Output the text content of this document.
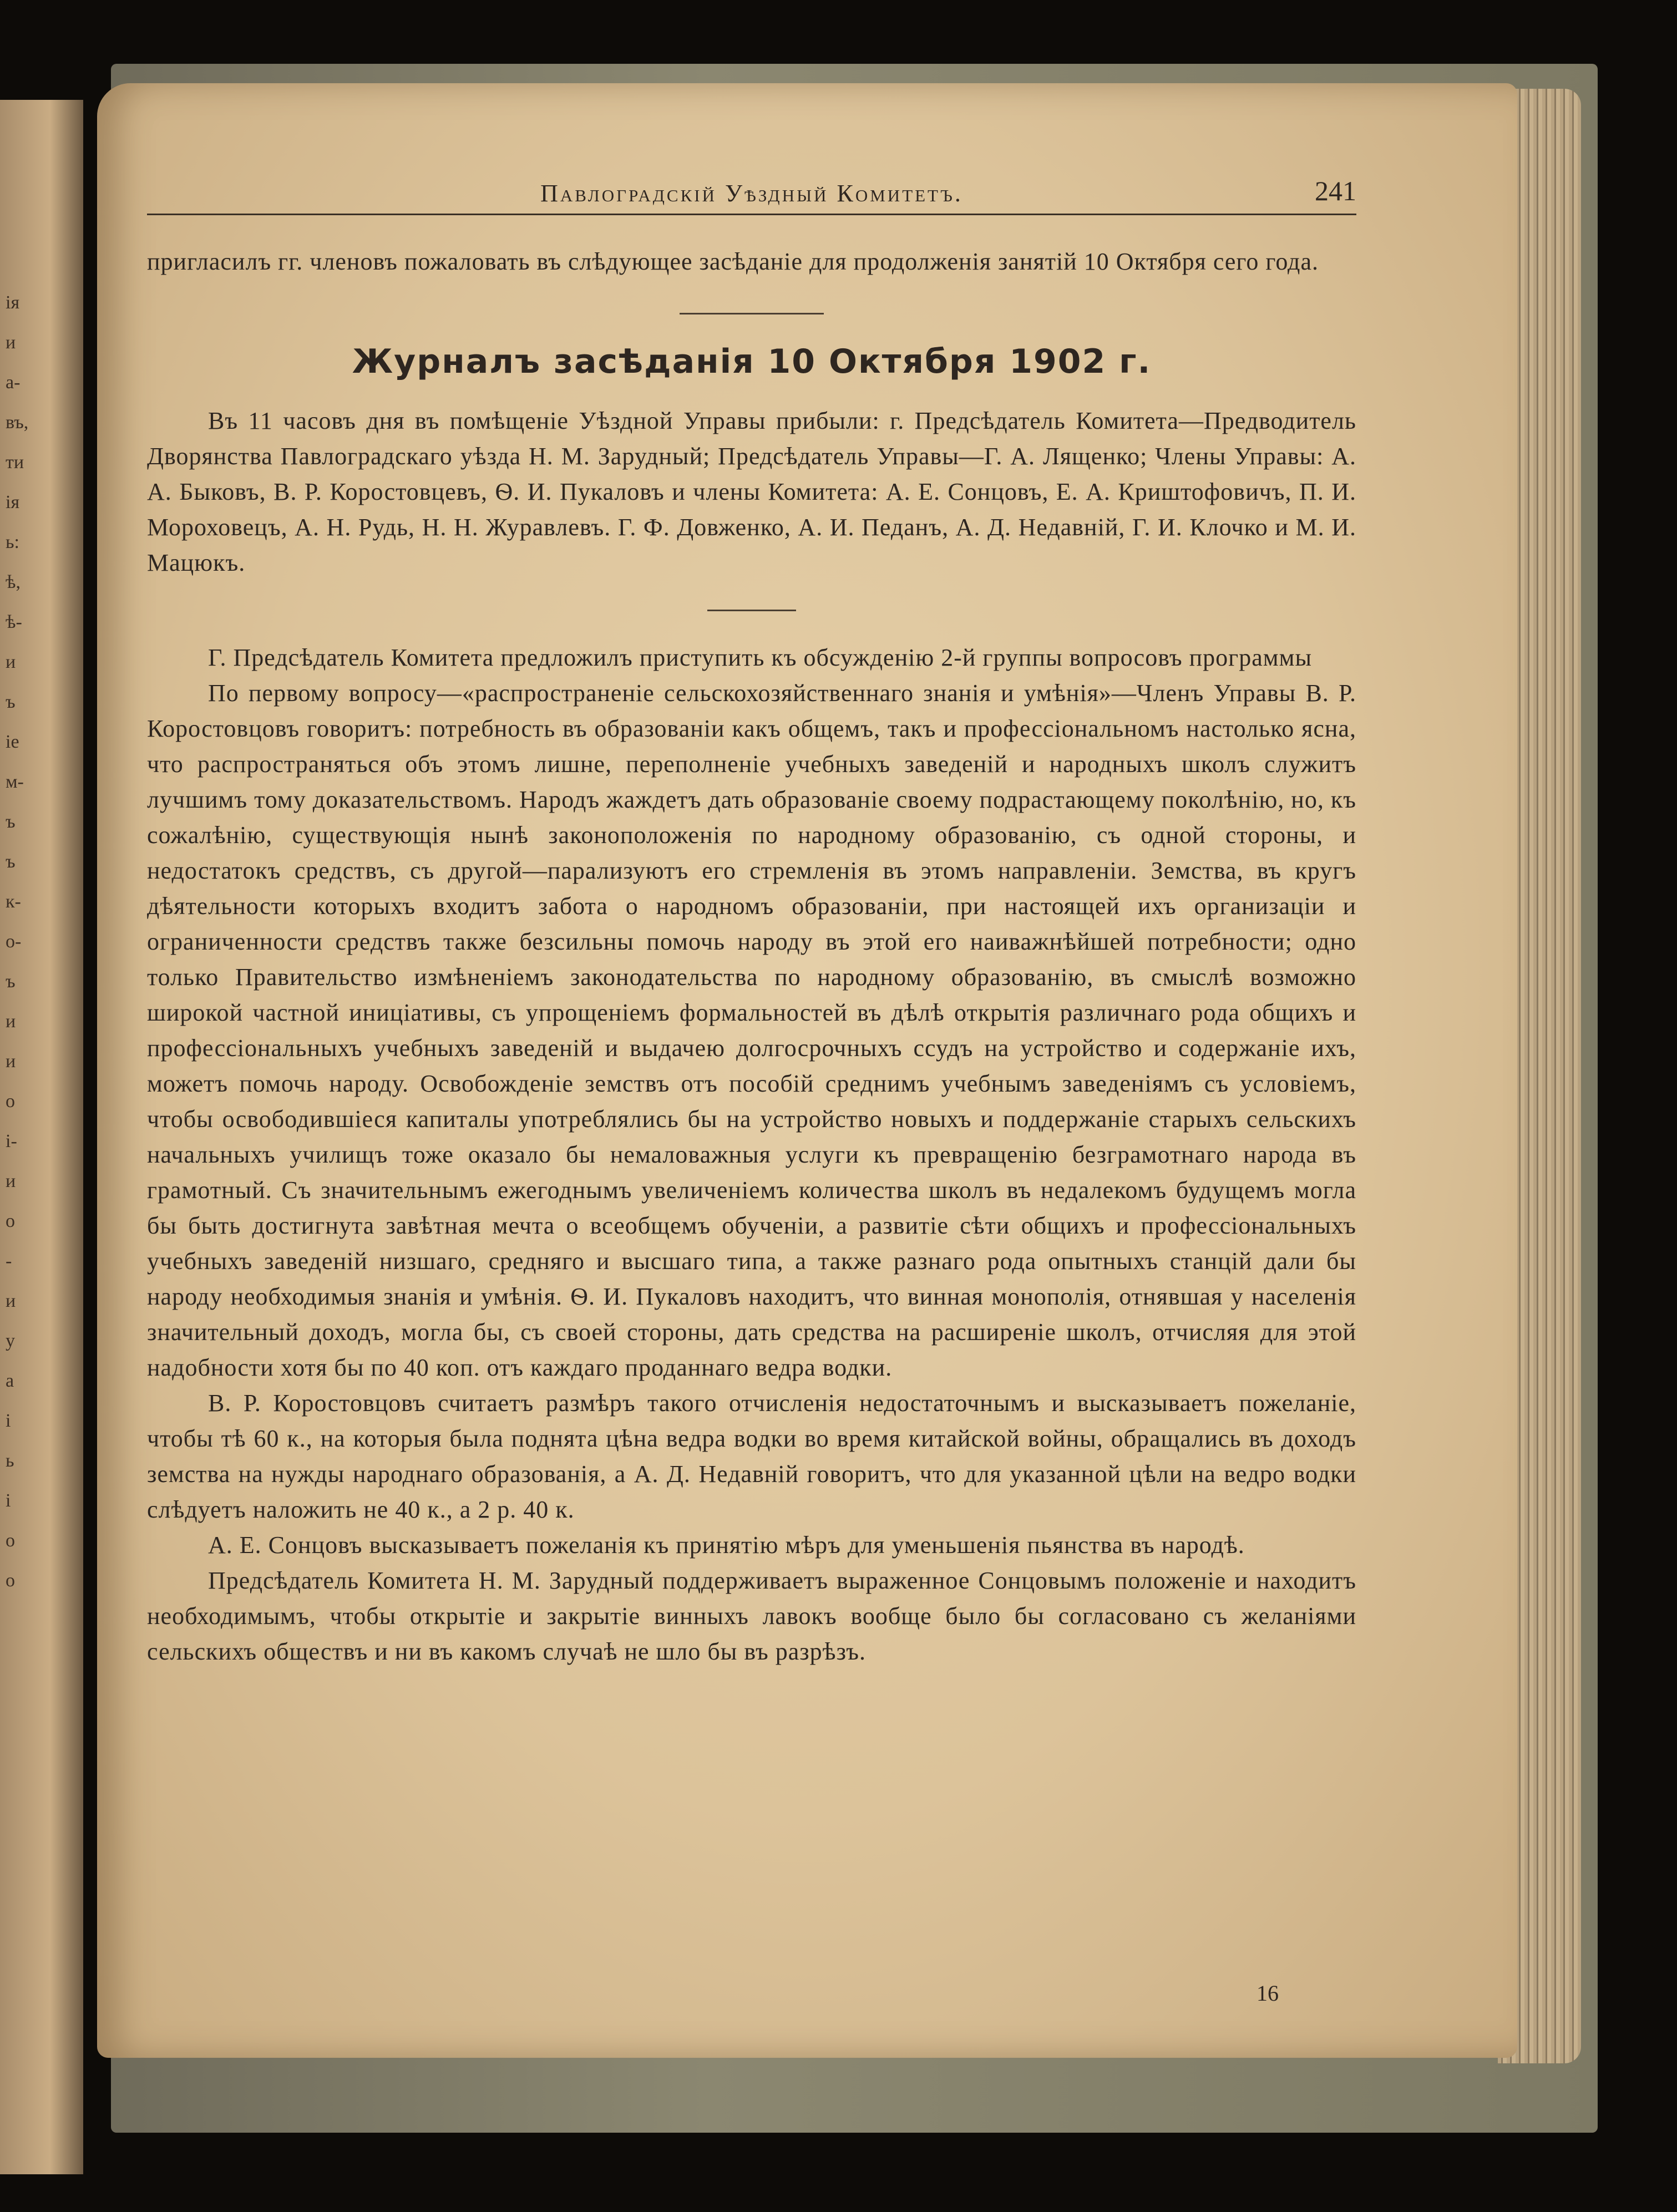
ія
и
а-
въ,
ти
ія
ь:
ѣ,
ѣ-
и
ъ
іе
м-
ъ
ъ
к-
о-
ъ
и
и
о
і-
и
о
-
и
у
а
і
ь
і
о
о
Павлоградскій Уѣздный Комитетъ.	241

пригласилъ гг. членовъ пожаловать въ слѣдующее засѣданіе для продолженія занятій 10 Октября сего года.

Журналъ засѣданія 10 Октября 1902 г.

Въ 11 часовъ дня въ помѣщеніе Уѣздной Управы прибыли: г. Предсѣдатель Комитета—Предводитель Дворянства Павлоградскаго уѣзда Н. М. Зарудный; Предсѣдатель Управы—Г. А. Лященко; Члены Управы: А. А. Быковъ, В. Р. Коростовцевъ, Ѳ. И. Пукаловъ и члены Комитета: А. Е. Сонцовъ, Е. А. Криштофовичъ, П. И. Мороховецъ, А. Н. Рудь, Н. Н. Журавлевъ. Г. Ф. Довженко, А. И. Педанъ, А. Д. Недавній, Г. И. Клочко и М. И. Мацюкъ.

Г. Предсѣдатель Комитета предложилъ приступить къ обсужденію 2-й группы вопросовъ программы

По первому вопросу—«распространеніе сельскохозяйственнаго знанія и умѣнія»—Членъ Управы В. Р. Коростовцовъ говоритъ: потребность въ образованіи какъ общемъ, такъ и профессіональномъ настолько ясна, что распространяться объ этомъ лишне, переполненіе учебныхъ заведеній и народныхъ школъ служитъ лучшимъ тому доказательствомъ. Народъ жаждетъ дать образованіе своему подрастающему поколѣнію, но, къ сожалѣнію, существующія нынѣ законоположенія по народному образованію, съ одной стороны, и недостатокъ средствъ, съ другой—парализуютъ его стремленія въ этомъ направленіи. Земства, въ кругъ дѣятельности которыхъ входитъ забота о народномъ образованіи, при настоящей ихъ организаціи и ограниченности средствъ также безсильны помочь народу въ этой его наиважнѣйшей потребности; одно только Правительство измѣненіемъ законодательства по народному образованію, въ смыслѣ возможно широкой частной иниціативы, съ упрощеніемъ формальностей въ дѣлѣ открытія различнаго рода общихъ и профессіональныхъ учебныхъ заведеній и выдачею долгосрочныхъ ссудъ на устройство и содержаніе ихъ, можетъ помочь народу. Освобожденіе земствъ отъ пособій среднимъ учебнымъ заведеніямъ съ условіемъ, чтобы освободившіеся капиталы употреблялись бы на устройство новыхъ и поддержаніе старыхъ сельскихъ начальныхъ училищъ тоже оказало бы немаловажныя услуги къ превращенію безграмотнаго народа въ грамотный. Съ значительнымъ ежегоднымъ увеличеніемъ количества школъ въ недалекомъ будущемъ могла бы быть достигнута завѣтная мечта о всеобщемъ обученіи, а развитіе сѣти общихъ и профессіональныхъ учебныхъ заведеній низшаго, средняго и высшаго типа, а также разнаго рода опытныхъ станцій дали бы народу необходимыя знанія и умѣнія. Ѳ. И. Пукаловъ находитъ, что винная монополія, отнявшая у населенія значительный доходъ, могла бы, съ своей стороны, дать средства на расширеніе школъ, отчисляя для этой надобности хотя бы по 40 коп. отъ каждаго проданнаго ведра водки.

В. Р. Коростовцовъ считаетъ размѣръ такого отчисленія недостаточнымъ и высказываетъ пожеланіе, чтобы тѣ 60 к., на которыя была поднята цѣна ведра водки во время китайской войны, обращались въ доходъ земства на нужды народнаго образованія, а А. Д. Недавній говоритъ, что для указанной цѣли на ведро водки слѣдуетъ наложить не 40 к., а 2 р. 40 к.

А. Е. Сонцовъ высказываетъ пожеланія къ принятію мѣръ для уменьшенія пьянства въ народѣ.

Предсѣдатель Комитета Н. М. Зарудный поддерживаетъ выраженное Сонцовымъ положеніе и находитъ необходимымъ, чтобы открытіе и закрытіе винныхъ лавокъ вообще было бы согласовано съ желаніями сельскихъ обществъ и ни въ какомъ случаѣ не шло бы въ разрѣзъ.

16
